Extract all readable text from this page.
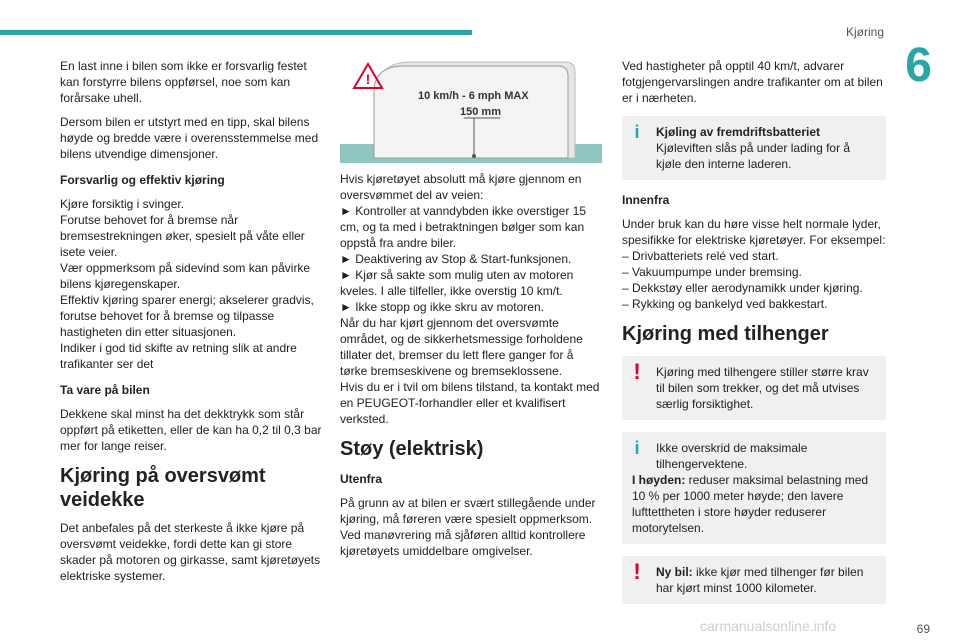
Kjøring
6
69

En last inne i bilen som ikke er forsvarlig festet kan forstyrre bilens oppførsel, noe som kan forårsake uhell.

Dersom bilen er utstyrt med en tipp, skal bilens høyde og bredde være i overensstemmelse med bilens utvendige dimensjoner.

Forsvarlig og effektiv kjøring
Kjøre forsiktig i svinger.
Forutse behovet for å bremse når bremsestrekningen øker, spesielt på våte eller isete veier.
Vær oppmerksom på sidevind som kan påvirke bilens kjøregenskaper.
Effektiv kjøring sparer energi; akselerer gradvis, forutse behovet for å bremse og tilpasse hastigheten din etter situasjonen.

Indiker i god tid skifte av retning slik at andre trafikanter ser det

Ta vare på bilen

Dekkene skal minst ha det dekktrykk som står oppført på etiketten, eller de kan ha 0,2 til 0,3 bar mer for lange reiser.

Kjøring på oversvømt veidekke

Det anbefales på det sterkeste å ikke kjøre på oversvømt veidekke, fordi dette kan gi store skader på motoren og girkasse, samt kjøretøyets elektriske systemer.

!
10 km/h - 6 mph MAX
150 mm
Hvis kjøretøyet absolutt må kjøre gjennom en oversvømmet del av veien:
► Kontroller at vanndybden ikke overstiger 15 cm, og ta med i betraktningen bølger som kan oppstå fra andre biler.
► Deaktivering av Stop & Start-funksjonen.
► Kjør så sakte som mulig uten av motoren kveles. I alle tilfeller, ikke overstig 10 km/t.
► Ikke stopp og ikke skru av motoren.
Når du har kjørt gjennom det oversvømte området, og de sikkerhetsmessige forholdene tillater det, bremser du lett flere ganger for å tørke bremseskivene og bremseklossene.

Hvis du er i tvil om bilens tilstand, ta kontakt med en PEUGEOT-forhandler eller et kvalifisert verksted.

Støy (elektrisk)
Utenfra

På grunn av at bilen er svært stillegående under kjøring, må føreren være spesielt oppmerksom. Ved manøvrering må sjåføren alltid kontrollere kjøretøyets umiddelbare omgivelser.

Ved hastigheter på opptil 40 km/t, advarer fotgjengervarslingen andre trafikanter om at bilen er i nærheten.

i	Kjøling av fremdriftsbatteriet
Kjøleviften slås på under lading for å kjøle den interne laderen.
Innenfra
Under bruk kan du høre visse helt normale lyder, spesifikke for elektriske kjøretøyer. For eksempel:
– Drivbatteriets relé ved start.
– Vakuumpumpe under bremsing.
– Dekkstøy eller aerodynamikk under kjøring.
– Rykking og bankelyd ved bakkestart.
Kjøring med tilhenger
!	Kjøring med tilhengere stiller større krav til bilen som trekker, og det må utvises særlig forsiktighet.
i	Ikke overskrid de maksimale tilhengervektene.
I høyden: reduser maksimal belastning med 10 % per 1000 meter høyde; den lavere lufttettheten i store høyder reduserer motorytelsen.
!	Ny bil: ikke kjør med tilhenger før bilen har kjørt minst 1000 kilometer.
carmanualsonline.info
